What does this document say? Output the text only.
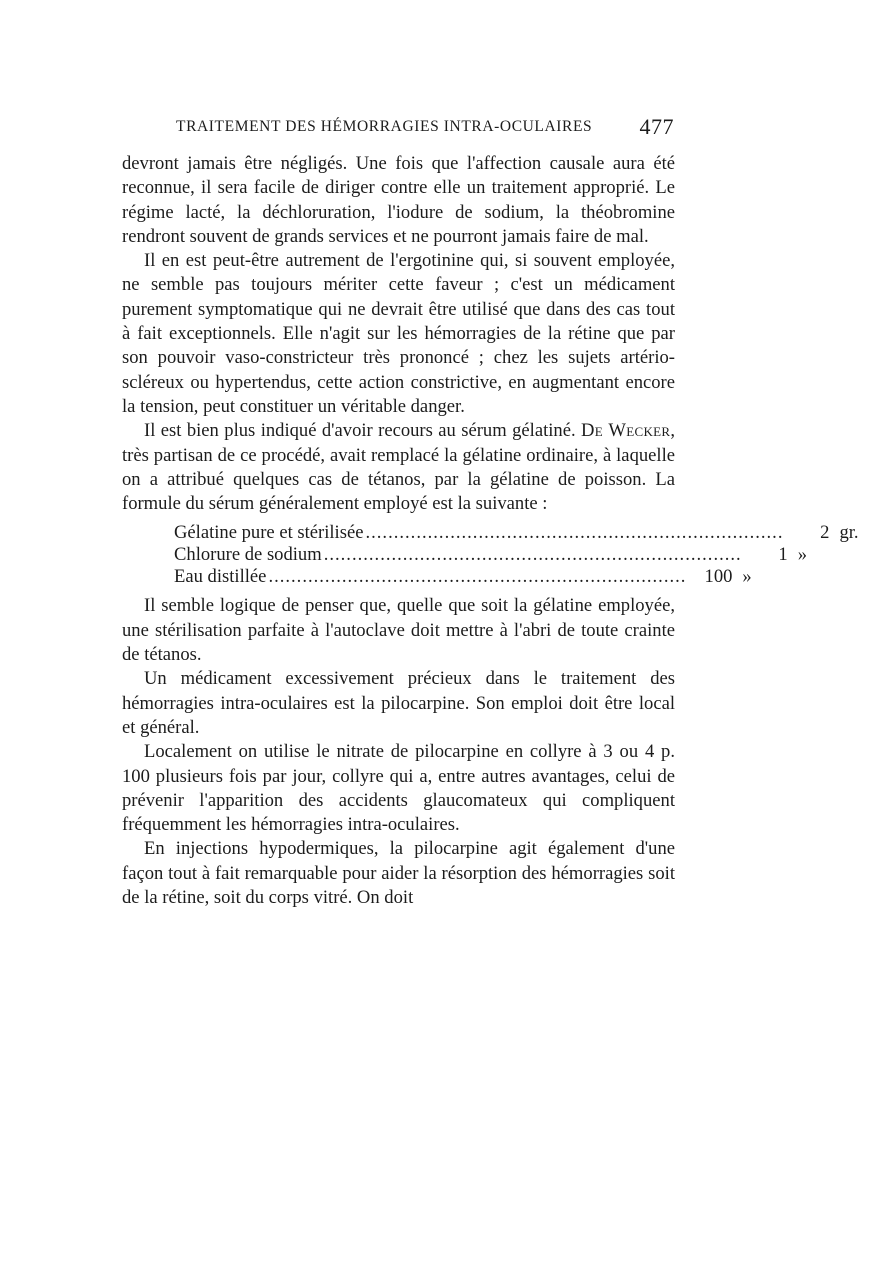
TRAITEMENT DES HÉMORRAGIES INTRA-OCULAIRES 477

devront jamais être négligés. Une fois que l'affection causale aura été reconnue, il sera facile de diriger contre elle un traitement approprié. Le régime lacté, la déchloruration, l'iodure de sodium, la théobromine rendront souvent de grands services et ne pourront jamais faire de mal.

Il en est peut-être autrement de l'ergotinine qui, si souvent employée, ne semble pas toujours mériter cette faveur ; c'est un médicament purement symptomatique qui ne devrait être utilisé que dans des cas tout à fait exceptionnels. Elle n'agit sur les hémorragies de la rétine que par son pouvoir vaso-constricteur très prononcé ; chez les sujets artério-scléreux ou hypertendus, cette action constrictive, en augmentant encore la tension, peut constituer un véritable danger.

Il est bien plus indiqué d'avoir recours au sérum gélatiné. De Wecker, très partisan de ce procédé, avait remplacé la gélatine ordinaire, à laquelle on a attribué quelques cas de tétanos, par la gélatine de poisson. La formule du sérum généralement employé est la suivante :

Gélatine pure et stérilisée ..........................................................................	2 gr.
Chlorure de sodium ..........................................................................	1 »
Eau distillée .......................................................................... 100 »

Il semble logique de penser que, quelle que soit la gélatine employée, une stérilisation parfaite à l'autoclave doit mettre à l'abri de toute crainte de tétanos.

Un médicament excessivement précieux dans le traitement des hémorragies intra-oculaires est la pilocarpine. Son emploi doit être local et général.

Localement on utilise le nitrate de pilocarpine en collyre à 3 ou 4 p. 100 plusieurs fois par jour, collyre qui a, entre autres avantages, celui de prévenir l'apparition des accidents glaucomateux qui compliquent fréquemment les hémorragies intra-oculaires.

En injections hypodermiques, la pilocarpine agit également d'une façon tout à fait remarquable pour aider la résorption des hémorragies soit de la rétine, soit du corps vitré. On doit
